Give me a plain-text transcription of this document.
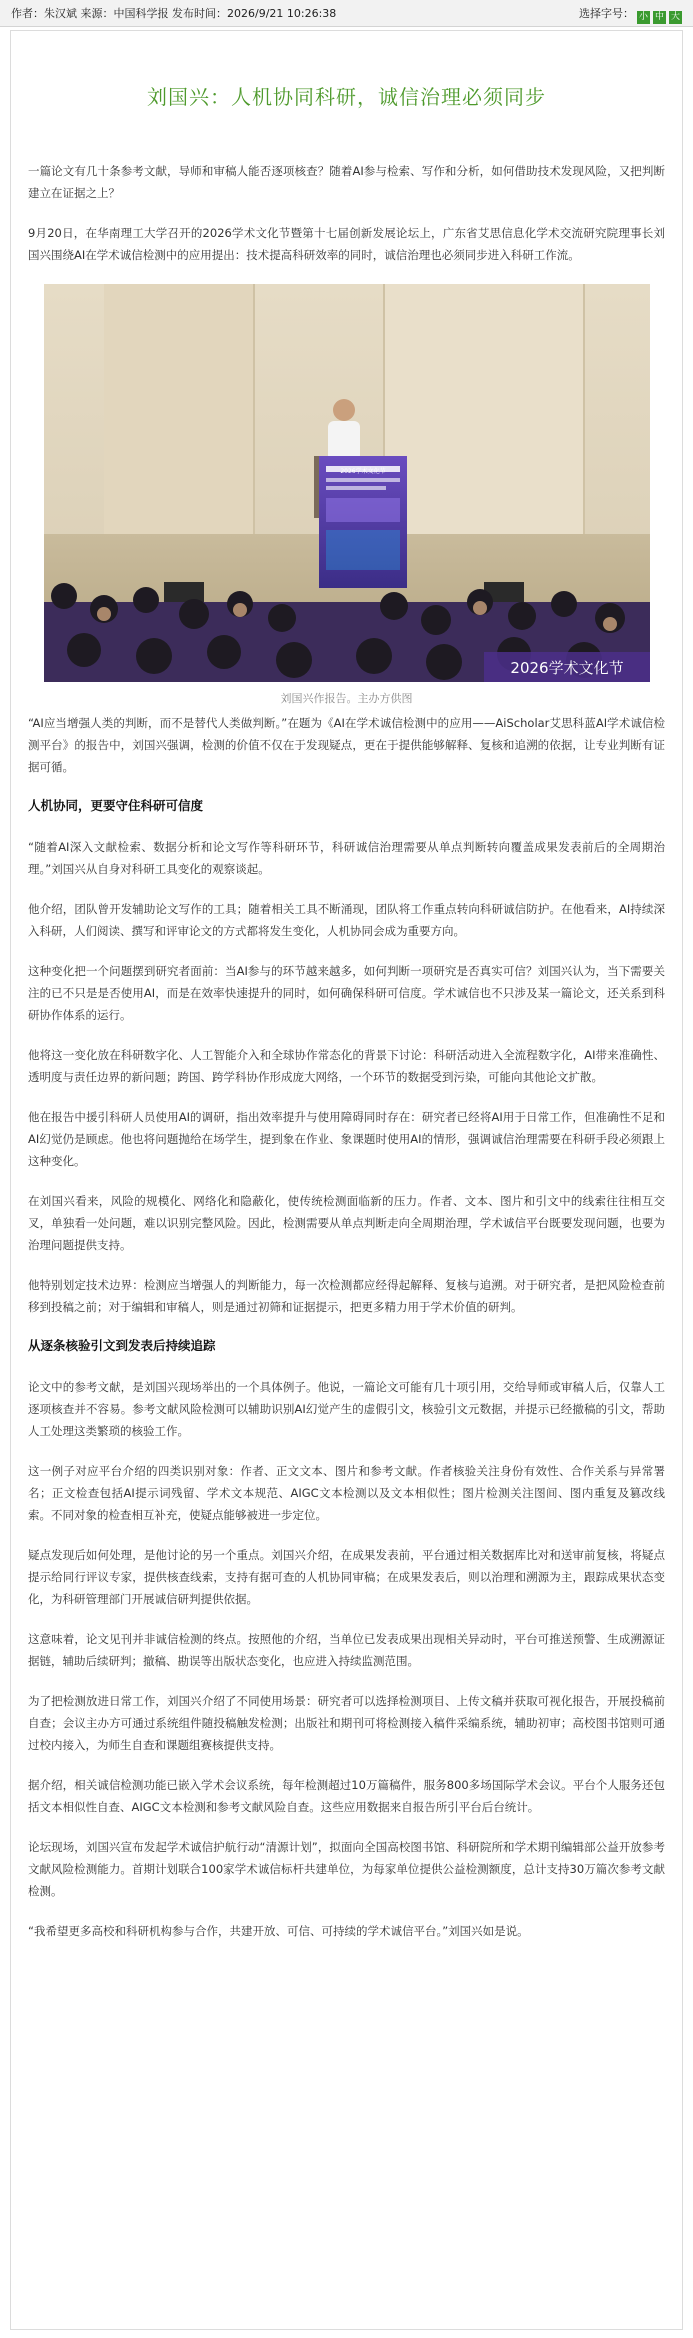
作者：朱汉斌 来源：中国科学报 发布时间：2026/9/21 10:26:38	选择字号： 小 中 大
刘国兴：人机协同科研，诚信治理必须同步

一篇论文有几十条参考文献，导师和审稿人能否逐项核查？随着AI参与检索、写作和分析，如何借助技术发现风险，又把判断建立在证据之上？

9月20日，在华南理工大学召开的2026学术文化节暨第十七届创新发展论坛上，广东省艾思信息化学术交流研究院理事长刘国兴围绕AI在学术诚信检测中的应用提出：技术提高科研效率的同时，诚信治理也必须同步进入科研工作流。

2026学术文化节
2026学术文化节
刘国兴作报告。主办方供图

“AI应当增强人类的判断，而不是替代人类做判断。”在题为《AI在学术诚信检测中的应用——AiScholar艾思科蓝AI学术诚信检测平台》的报告中，刘国兴强调，检测的价值不仅在于发现疑点，更在于提供能够解释、复核和追溯的依据，让专业判断有证据可循。

人机协同，更要守住科研可信度

“随着AI深入文献检索、数据分析和论文写作等科研环节，科研诚信治理需要从单点判断转向覆盖成果发表前后的全周期治理。”刘国兴从自身对科研工具变化的观察谈起。

他介绍，团队曾开发辅助论文写作的工具；随着相关工具不断涌现，团队将工作重点转向科研诚信防护。在他看来，AI持续深入科研，人们阅读、撰写和评审论文的方式都将发生变化，人机协同会成为重要方向。

这种变化把一个问题摆到研究者面前：当AI参与的环节越来越多，如何判断一项研究是否真实可信？刘国兴认为，当下需要关注的已不只是是否使用AI，而是在效率快速提升的同时，如何确保科研可信度。学术诚信也不只涉及某一篇论文，还关系到科研协作体系的运行。

他将这一变化放在科研数字化、人工智能介入和全球协作常态化的背景下讨论：科研活动进入全流程数字化，AI带来准确性、透明度与责任边界的新问题；跨国、跨学科协作形成庞大网络，一个环节的数据受到污染，可能向其他论文扩散。

他在报告中援引科研人员使用AI的调研，指出效率提升与使用障碍同时存在：研究者已经将AI用于日常工作，但准确性不足和AI幻觉仍是顾虑。他也将问题抛给在场学生，提到象在作业、象课题时使用AI的情形，强调诚信治理需要在科研手段必须跟上这种变化。

在刘国兴看来，风险的规模化、网络化和隐蔽化，使传统检测面临新的压力。作者、文本、图片和引文中的线索往往相互交叉，单独看一处问题，难以识别完整风险。因此，检测需要从单点判断走向全周期治理，学术诚信平台既要发现问题，也要为治理问题提供支持。

他特别划定技术边界：检测应当增强人的判断能力，每一次检测都应经得起解释、复核与追溯。对于研究者，是把风险检查前移到投稿之前；对于编辑和审稿人，则是通过初筛和证据提示，把更多精力用于学术价值的研判。

从逐条核验引文到发表后持续追踪

论文中的参考文献，是刘国兴现场举出的一个具体例子。他说，一篇论文可能有几十项引用，交给导师或审稿人后，仅靠人工逐项核查并不容易。参考文献风险检测可以辅助识别AI幻觉产生的虚假引文，核验引文元数据，并提示已经撤稿的引文，帮助人工处理这类繁琐的核验工作。

这一例子对应平台介绍的四类识别对象：作者、正文文本、图片和参考文献。作者核验关注身份有效性、合作关系与异常署名；正文检查包括AI提示词残留、学术文本规范、AIGC文本检测以及文本相似性；图片检测关注图间、图内重复及篡改线索。不同对象的检查相互补充，使疑点能够被进一步定位。

疑点发现后如何处理，是他讨论的另一个重点。刘国兴介绍，在成果发表前，平台通过相关数据库比对和送审前复核，将疑点提示给同行评议专家，提供核查线索，支持有据可查的人机协同审稿；在成果发表后，则以治理和溯源为主，跟踪成果状态变化，为科研管理部门开展诚信研判提供依据。

这意味着，论文见刊并非诚信检测的终点。按照他的介绍，当单位已发表成果出现相关异动时，平台可推送预警、生成溯源证据链，辅助后续研判；撤稿、勘误等出版状态变化，也应进入持续监测范围。

为了把检测放进日常工作，刘国兴介绍了不同使用场景：研究者可以选择检测项目、上传文稿并获取可视化报告，开展投稿前自查；会议主办方可通过系统组件随投稿触发检测；出版社和期刊可将检测接入稿件采编系统，辅助初审；高校图书馆则可通过校内接入，为师生自查和课题组赛核提供支持。

据介绍，相关诚信检测功能已嵌入学术会议系统，每年检测超过10万篇稿件，服务800多场国际学术会议。平台个人服务还包括文本相似性自查、AIGC文本检测和参考文献风险自查。这些应用数据来自报告所引平台后台统计。

论坛现场，刘国兴宣布发起学术诚信护航行动“清源计划”，拟面向全国高校图书馆、科研院所和学术期刊编辑部公益开放参考文献风险检测能力。首期计划联合100家学术诚信标杆共建单位，为每家单位提供公益检测额度，总计支持30万篇次参考文献检测。

“我希望更多高校和科研机构参与合作，共建开放、可信、可持续的学术诚信平台。”刘国兴如是说。
